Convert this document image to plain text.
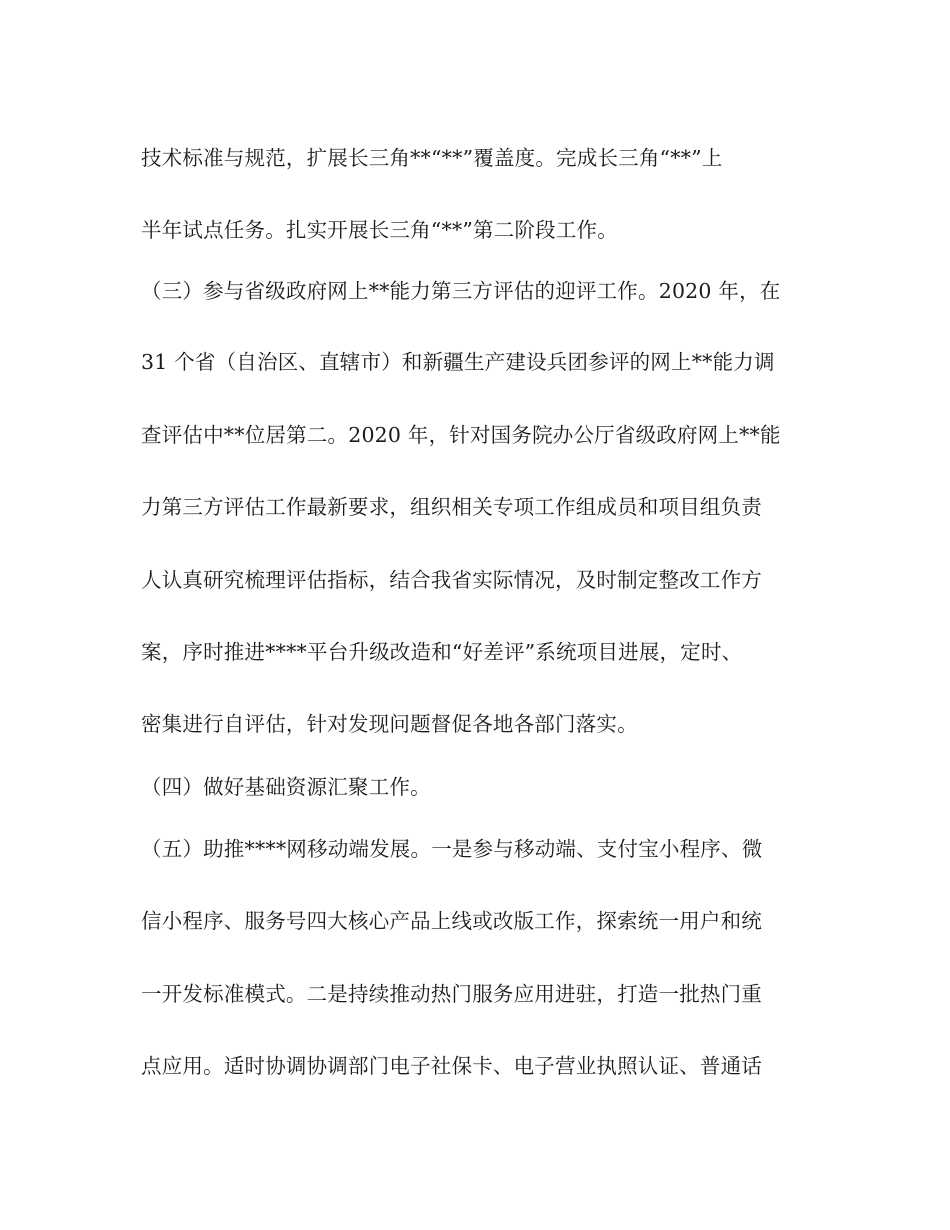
技术标准与规范，扩展长三角**“**”覆盖度。完成长三角“**”上
半年试点任务。扎实开展长三角“**”第二阶段工作。
（三）参与省级政府网上**能力第三方评估的迎评工作。2020 年，在
31 个省（自治区、直辖市）和新疆生产建设兵团参评的网上**能力调
查评估中**位居第二。2020 年，针对国务院办公厅省级政府网上**能
力第三方评估工作最新要求，组织相关专项工作组成员和项目组负责
人认真研究梳理评估指标，结合我省实际情况，及时制定整改工作方
案，序时推进****平台升级改造和“好差评”系统项目进展，定时、
密集进行自评估，针对发现问题督促各地各部门落实。
（四）做好基础资源汇聚工作。
（五）助推****网移动端发展。一是参与移动端、支付宝小程序、微
信小程序、服务号四大核心产品上线或改版工作，探索统一用户和统
一开发标准模式。二是持续推动热门服务应用进驻，打造一批热门重
点应用。适时协调协调部门电子社保卡、电子营业执照认证、普通话
